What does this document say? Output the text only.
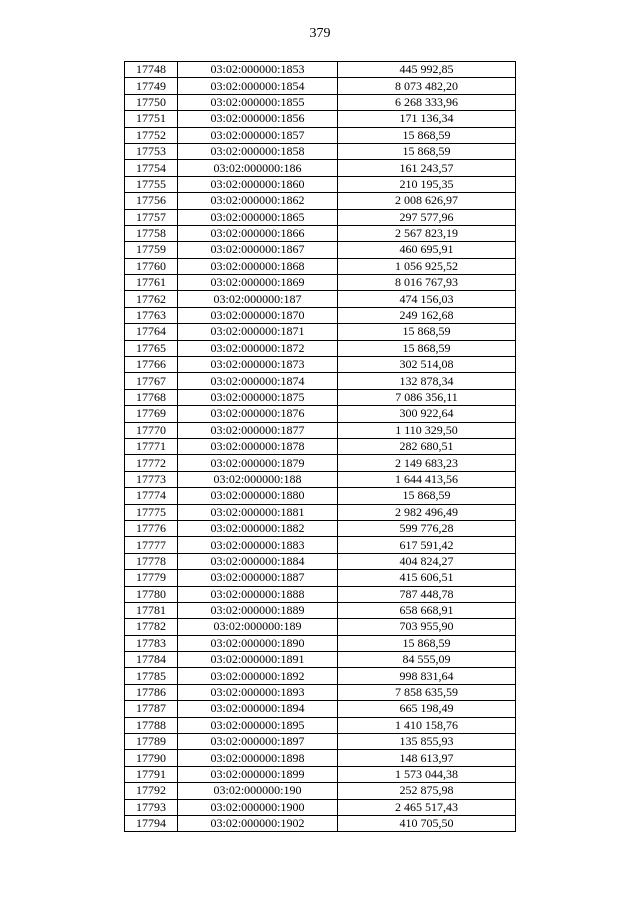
379
17748	03:02:000000:1853	445 992,85
17749	03:02:000000:1854	8 073 482,20
17750	03:02:000000:1855	6 268 333,96
17751	03:02:000000:1856	171 136,34
17752	03:02:000000:1857	15 868,59
17753	03:02:000000:1858	15 868,59
17754	03:02:000000:186	161 243,57
17755	03:02:000000:1860	210 195,35
17756	03:02:000000:1862	2 008 626,97
17757	03:02:000000:1865	297 577,96
17758	03:02:000000:1866	2 567 823,19
17759	03:02:000000:1867	460 695,91
17760	03:02:000000:1868	1 056 925,52
17761	03:02:000000:1869	8 016 767,93
17762	03:02:000000:187	474 156,03
17763	03:02:000000:1870	249 162,68
17764	03:02:000000:1871	15 868,59
17765	03:02:000000:1872	15 868,59
17766	03:02:000000:1873	302 514,08
17767	03:02:000000:1874	132 878,34
17768	03:02:000000:1875	7 086 356,11
17769	03:02:000000:1876	300 922,64
17770	03:02:000000:1877	1 110 329,50
17771	03:02:000000:1878	282 680,51
17772	03:02:000000:1879	2 149 683,23
17773	03:02:000000:188	1 644 413,56
17774	03:02:000000:1880	15 868,59
17775	03:02:000000:1881	2 982 496,49
17776	03:02:000000:1882	599 776,28
17777	03:02:000000:1883	617 591,42
17778	03:02:000000:1884	404 824,27
17779	03:02:000000:1887	415 606,51
17780	03:02:000000:1888	787 448,78
17781	03:02:000000:1889	658 668,91
17782	03:02:000000:189	703 955,90
17783	03:02:000000:1890	15 868,59
17784	03:02:000000:1891	84 555,09
17785	03:02:000000:1892	998 831,64
17786	03:02:000000:1893	7 858 635,59
17787	03:02:000000:1894	665 198,49
17788	03:02:000000:1895	1 410 158,76
17789	03:02:000000:1897	135 855,93
17790	03:02:000000:1898	148 613,97
17791	03:02:000000:1899	1 573 044,38
17792	03:02:000000:190	252 875,98
17793	03:02:000000:1900	2 465 517,43
17794	03:02:000000:1902	410 705,50
